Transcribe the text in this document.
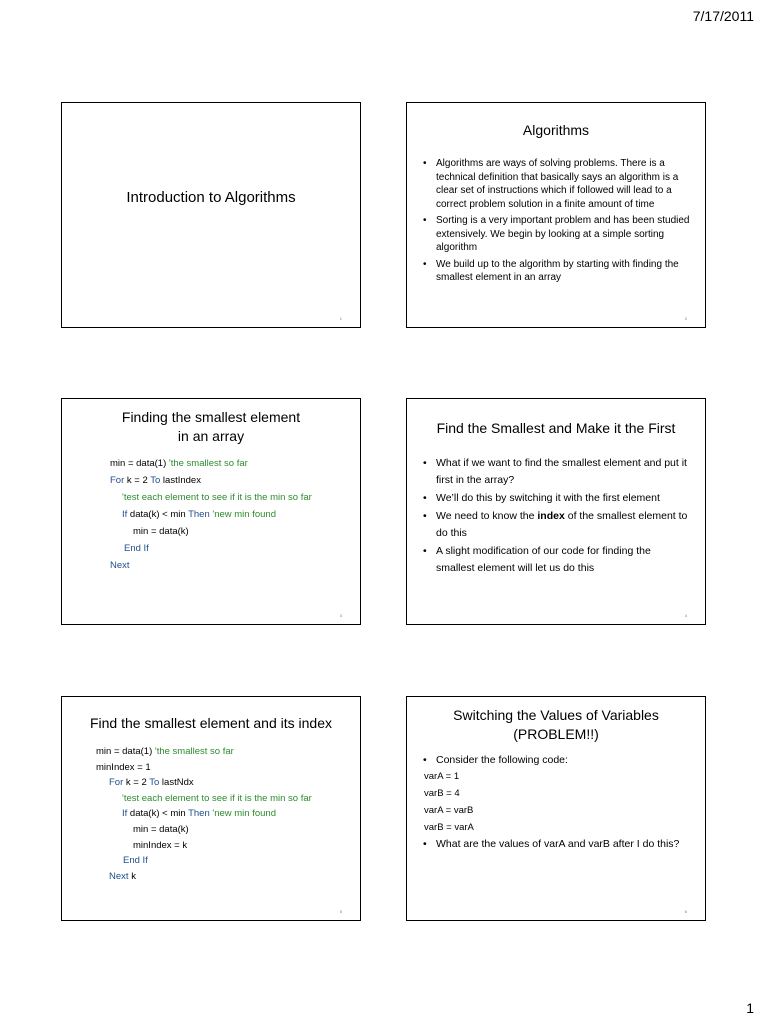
7/17/2011
Introduction to Algorithms
1
Algorithms
• Algorithms are ways of solving problems. There is a technical definition that basically says an algorithm is a clear set of instructions which if followed will lead to a correct problem solution in a finite amount of time
• Sorting is a very important problem and has been studied extensively. We begin by looking at a simple sorting algorithm
• We build up to the algorithm by starting with finding the smallest element in an array
2
Finding the smallest element
in an array
min = data(1) 'the smallest so far
For k = 2 To lastIndex
'test each element to see if it is the min so far
If data(k) < min Then 'new min found
min = data(k)
End If
Next
3
Find the Smallest and Make it the First
• What if we want to find the smallest element and put it first in the array?
• We’ll do this by switching it with the first element
• We need to know the index of the smallest element to do this
• A slight modification of our code for finding the smallest element will let us do this
4
Find the smallest element and its index
min = data(1) 'the smallest so far
minIndex = 1
For k = 2 To lastNdx
'test each element to see if it is the min so far
If data(k) < min Then 'new min found
min = data(k)
minIndex = k
End If
Next k
5
Switching the Values of Variables
(PROBLEM!!)
• Consider the following code:
varA = 1
varB = 4
varA = varB
varB = varA
• What are the values of varA and varB after I do this?
6
1
